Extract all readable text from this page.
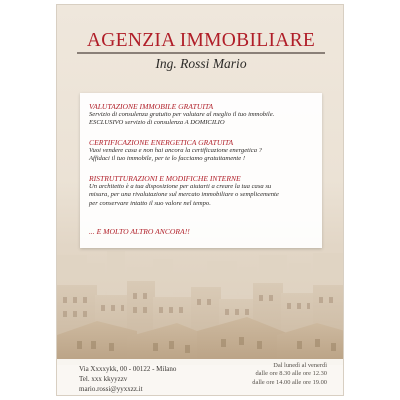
AGENZIA IMMOBILIARE
Ing. Rossi Mario
VALUTAZIONE IMMOBILE GRATUITA
Servizio di consulenza gratuito per valutare al meglio il tuo immobile.
ESCLUSIVO servizio di consulenza A DOMICILIO
CERTIFICAZIONE ENERGETICA GRATUITA
Vuoi vendere casa e non hai ancora la certificazione energetica ?
Affidaci il tuo immobile, per te lo facciamo gratuitamente !
RISTRUTTURAZIONI E MODIFICHE INTERNE
Un architetto è a tua disposizione per aiutarti a creare la tua casa su
misura, per una rivalutazione sul mercato immobiliare o semplicemente
per conservare intatto il suo valore nel tempo.
... E MOLTO ALTRO ANCORA!!
Via Xxxxykk, 00 - 00122 - Milano
Tel. xxx kkyyzzv
mario.rossi@yyxxzz.it
Dal lunedì al venerdì
dalle ore 8.30 alle ore 12.30
dalle ore 14.00 alle ore 19.00
